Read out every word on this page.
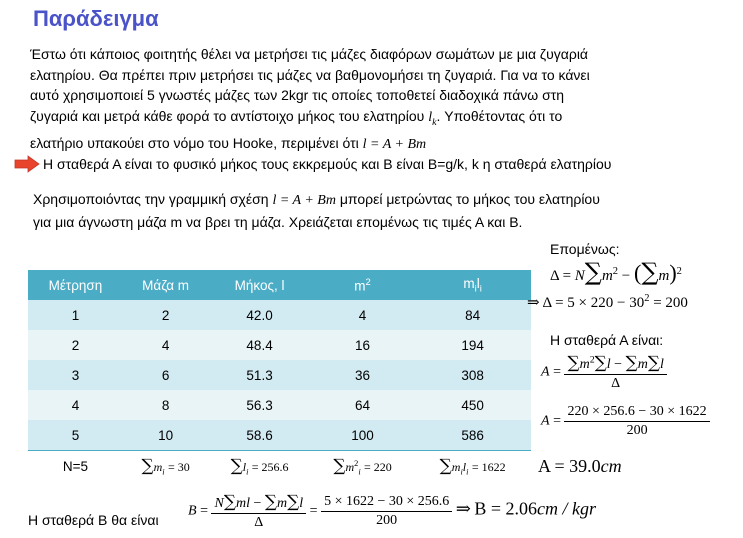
Παράδειγμα
Έστω ότι κάποιος φοιτητής θέλει να μετρήσει τις μάζες διαφόρων σωμάτων με μια ζυγαριά
ελατηρίου. Θα πρέπει πριν μετρήσει τις μάζες να βαθμονομήσει τη ζυγαριά. Για να το κάνει
αυτό χρησιμοποιεί 5 γνωστές μάζες των 2kgr τις οποίες τοποθετεί διαδοχικά πάνω στη
ζυγαριά και μετρά κάθε φορά το αντίστοιχο μήκος του ελατηρίου $l_k$. Υποθέτοντας ότι το
ελατήριο υπακούει στο νόμο του Hooke, περιμένει ότι l = A + Bm
Η σταθερά Α είναι το φυσικό μήκος τους εκκρεμούς και Β είναι B=g/k, k η σταθερά ελατηρίου
Χρησιμοποιόντας την γραμμική σχέση l = A + Bm μπορεί μετρώντας το μήκος του ελατηρίου
για μια άγνωστη μάζα m να βρει τη μάζα. Χρειάζεται επομένως τις τιμές Α και Β.
Μέτρηση	Μάζα m	Μήκος, l	$m^2$	$m_il_i$
1	2	42.0	4	84
2	4	48.4	16	194
3	6	51.3	36	308
4	8	56.3	64	450
5	10	58.6	100	586
N=5	$\sum m_i = 30$	$\sum l_i = 256.6$	$\sum m^2_i = 220$	$\sum m_il_i = 1622$
Επομένως:
$\Delta = N\sum m^2 - (\sum m)^2$
⇒ $\Delta = 5 \times 220 - 30^2 = 200$
Η σταθερά Α είναι:
$A = \frac{\sum m^2\sum l - \sum m\sum l}{\Delta}$
$A = \frac{220 \times 256.6 - 30 \times 1622}{200}$
A = 39.0cm
Η σταθερά Β θα είναι
$B = \frac{N\sum ml - \sum m\sum l}{\Delta} = \frac{5 \times 1622 - 30 \times 256.6}{200}$ ⇒ B = 2.06cm / kgr
